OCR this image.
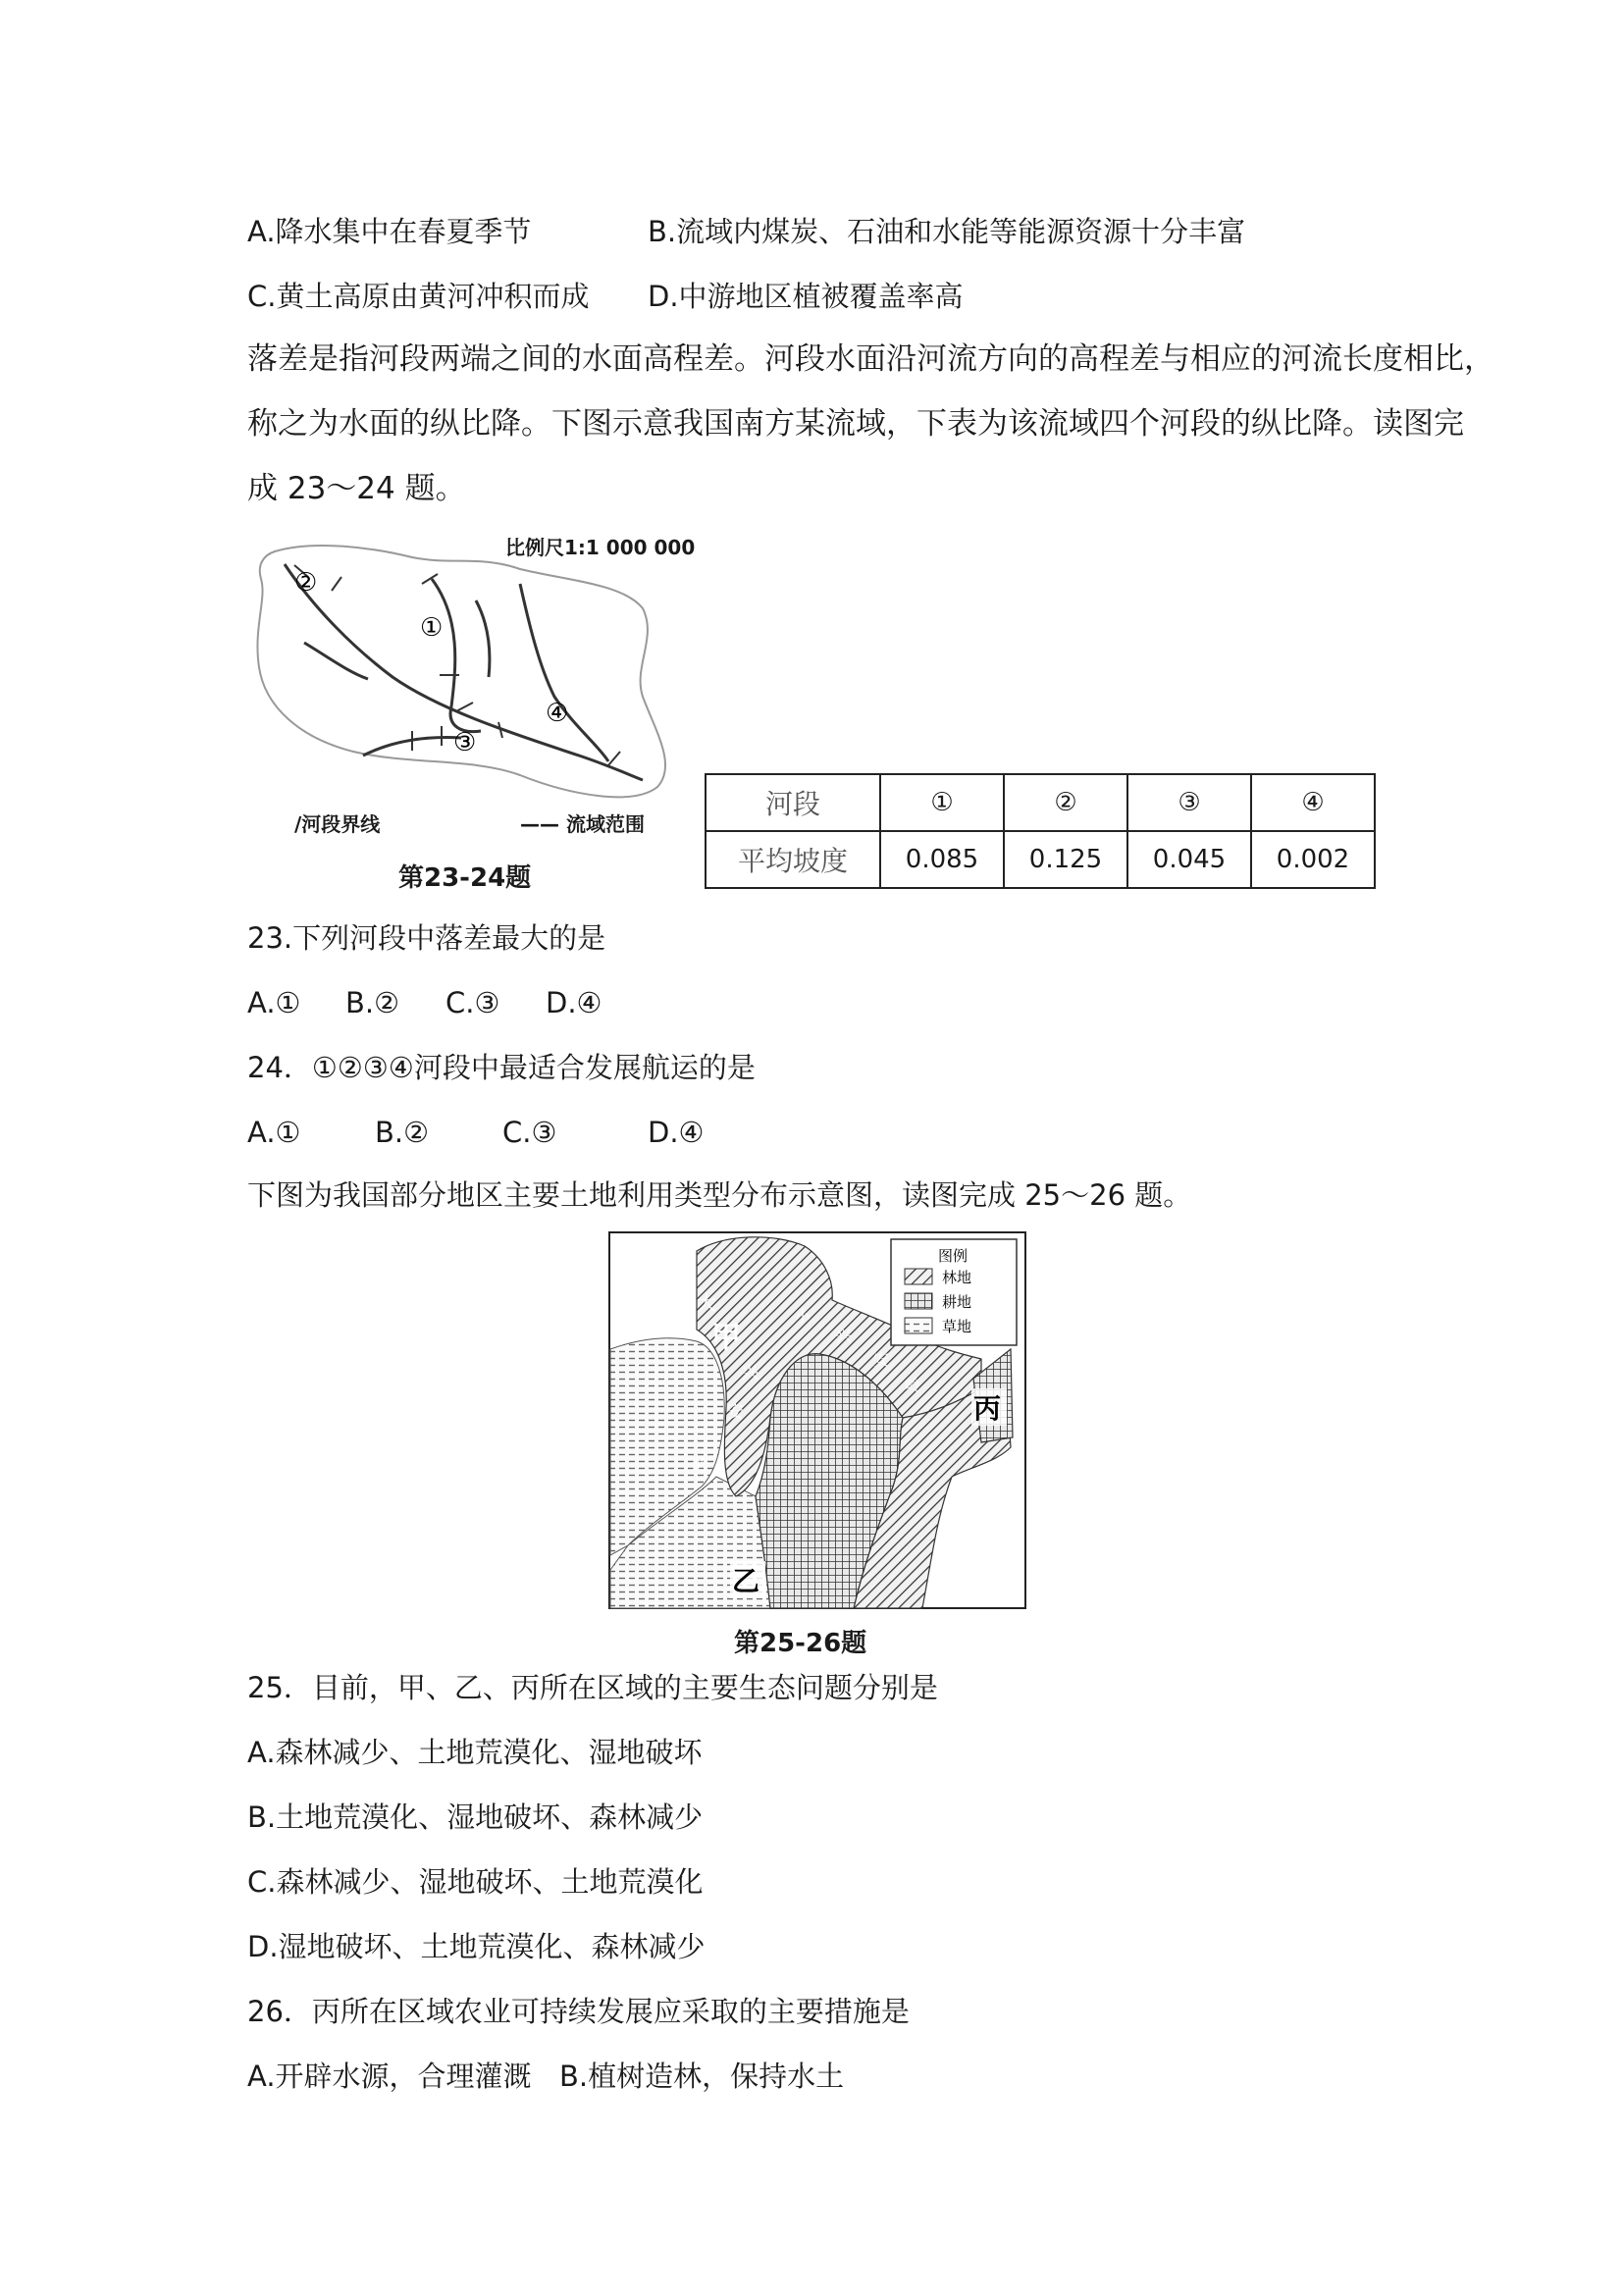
A.降水集中在春夏季节	B.流域内煤炭、石油和水能等能源资源十分丰富
C.黄土高原由黄河冲积而成 D.中游地区植被覆盖率高
落差是指河段两端之间的水面高程差。河段水面沿河流方向的高程差与相应的河流长度相比，
称之为水面的纵比降。下图示意我国南方某流域，下表为该流域四个河段的纵比降。读图完
成 23～24 题。
②
①
③
④
比例尺1:1 000 000
/河段界线	—— 流域范围
第23-24题
河段	①	②	③	④
平均坡度	0.085	0.125	0.045	0.002
23.下列河段中落差最大的是
A.① B.② C.③ D.④
24．①②③④河段中最适合发展航运的是
A.①	B.②	C.③	D.④
下图为我国部分地区主要土地利用类型分布示意图，读图完成 25～26 题。
图例
林地
耕地
草地
大
甲
兴
安
岭
小
兴
安
岭
丙
乙
第25-26题
25．目前，甲、乙、丙所在区域的主要生态问题分别是
A.森林减少、土地荒漠化、湿地破坏
B.土地荒漠化、湿地破坏、森林减少
C.森林减少、湿地破坏、土地荒漠化
D.湿地破坏、土地荒漠化、森林减少
26．丙所在区域农业可持续发展应采取的主要措施是
A.开辟水源，合理灌溉 B.植树造林，保持水土
